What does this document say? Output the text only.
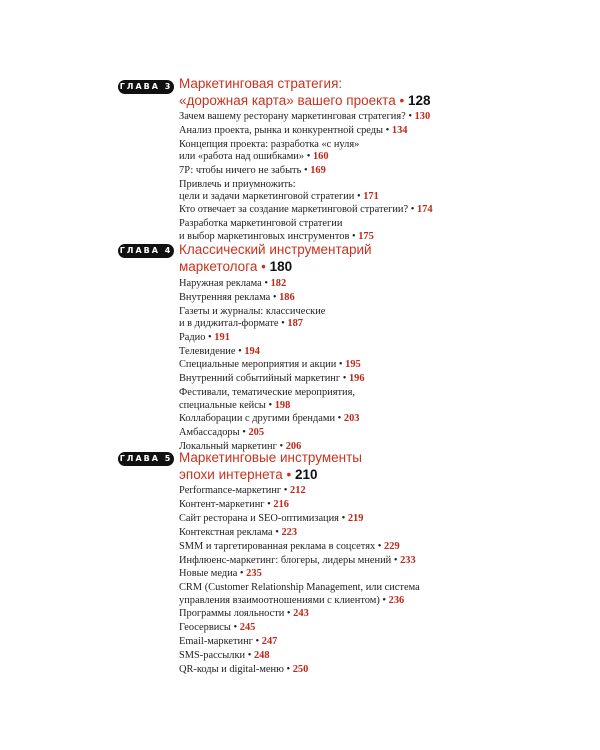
ГЛАВА 3 Маркетинговая стратегия:
«дорожная карта» вашего проекта • 128
Зачем вашему ресторану маркетинговая стратегия? • 130
Анализ проекта, рынка и конкурентной среды • 134
Концепция проекта: разработка «с нуля»
или «работа над ошибками» • 160
7Р: чтобы ничего не забыть • 169
Привлечь и приумножить:
цели и задачи маркетинговой стратегии • 171
Кто отвечает за создание маркетинговой стратегии? • 174
Разработка маркетинговой стратегии
и выбор маркетинговых инструментов • 175
ГЛАВА 4 Классический инструментарий
маркетолога • 180
Наружная реклама • 182
Внутренняя реклама • 186
Газеты и журналы: классические
и в диджитал-формате • 187
Радио • 191
Телевидение • 194
Специальные мероприятия и акции • 195
Внутренний событийный маркетинг • 196
Фестивали, тематические мероприятия,
специальные кейсы • 198
Коллаборации с другими брендами • 203
Амбассадоры • 205
Локальный маркетинг • 206
ГЛАВА 5 Маркетинговые инструменты
эпохи интернета • 210
Performance-маркетинг • 212
Контент-маркетинг • 216
Сайт ресторана и SEO-оптимизация • 219
Контекстная реклама • 223
SMM и таргетированная реклама в соцсетях • 229
Инфлюенс-маркетинг: блогеры, лидеры мнений • 233
Новые медиа • 235
CRM (Customer Relationship Management, или система
управления взаимоотношениями с клиентом) • 236
Программы лояльности • 243
Геосервисы • 245
Email-маркетинг • 247
SMS-рассылки • 248
QR-коды и digital-меню • 250
